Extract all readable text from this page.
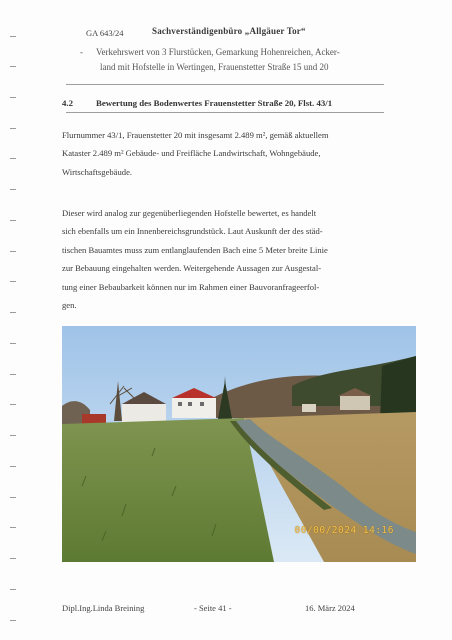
GA 643/24	Sachverständigenbüro „Allgäuer Tor“
- Verkehrswert von 3 Flurstücken, Gemarkung Hohenreichen, Acker-
land mit Hofstelle in Wertingen, Frauenstetter Straße 15 und 20
4.2	Bewertung des Bodenwertes Frauenstetter Straße 20, Flst. 43/1
Flurnummer 43/1, Frauenstetter 20 mit insgesamt 2.489 m², gemäß aktuellem
Kataster 2.489 m² Gebäude- und Freifläche Landwirtschaft, Wohngebäude,
Wirtschaftsgebäude.
Dieser wird analog zur gegenüberliegenden Hofstelle bewertet, es handelt
sich ebenfalls um ein Innenbereichsgrundstück. Laut Auskunft der des städ-
tischen Bauamtes muss zum entlanglaufenden Bach eine 5 Meter breite Linie
zur Bebauung eingehalten werden. Weitergehende Aussagen zur Ausgestal-
tung einer Bebaubarkeit können nur im Rahmen einer Bauvoranfrageerfol-
gen.
00/00/2024 14:16
Dipl.Ing.Linda Breining	- Seite 41 -	16. März 2024
